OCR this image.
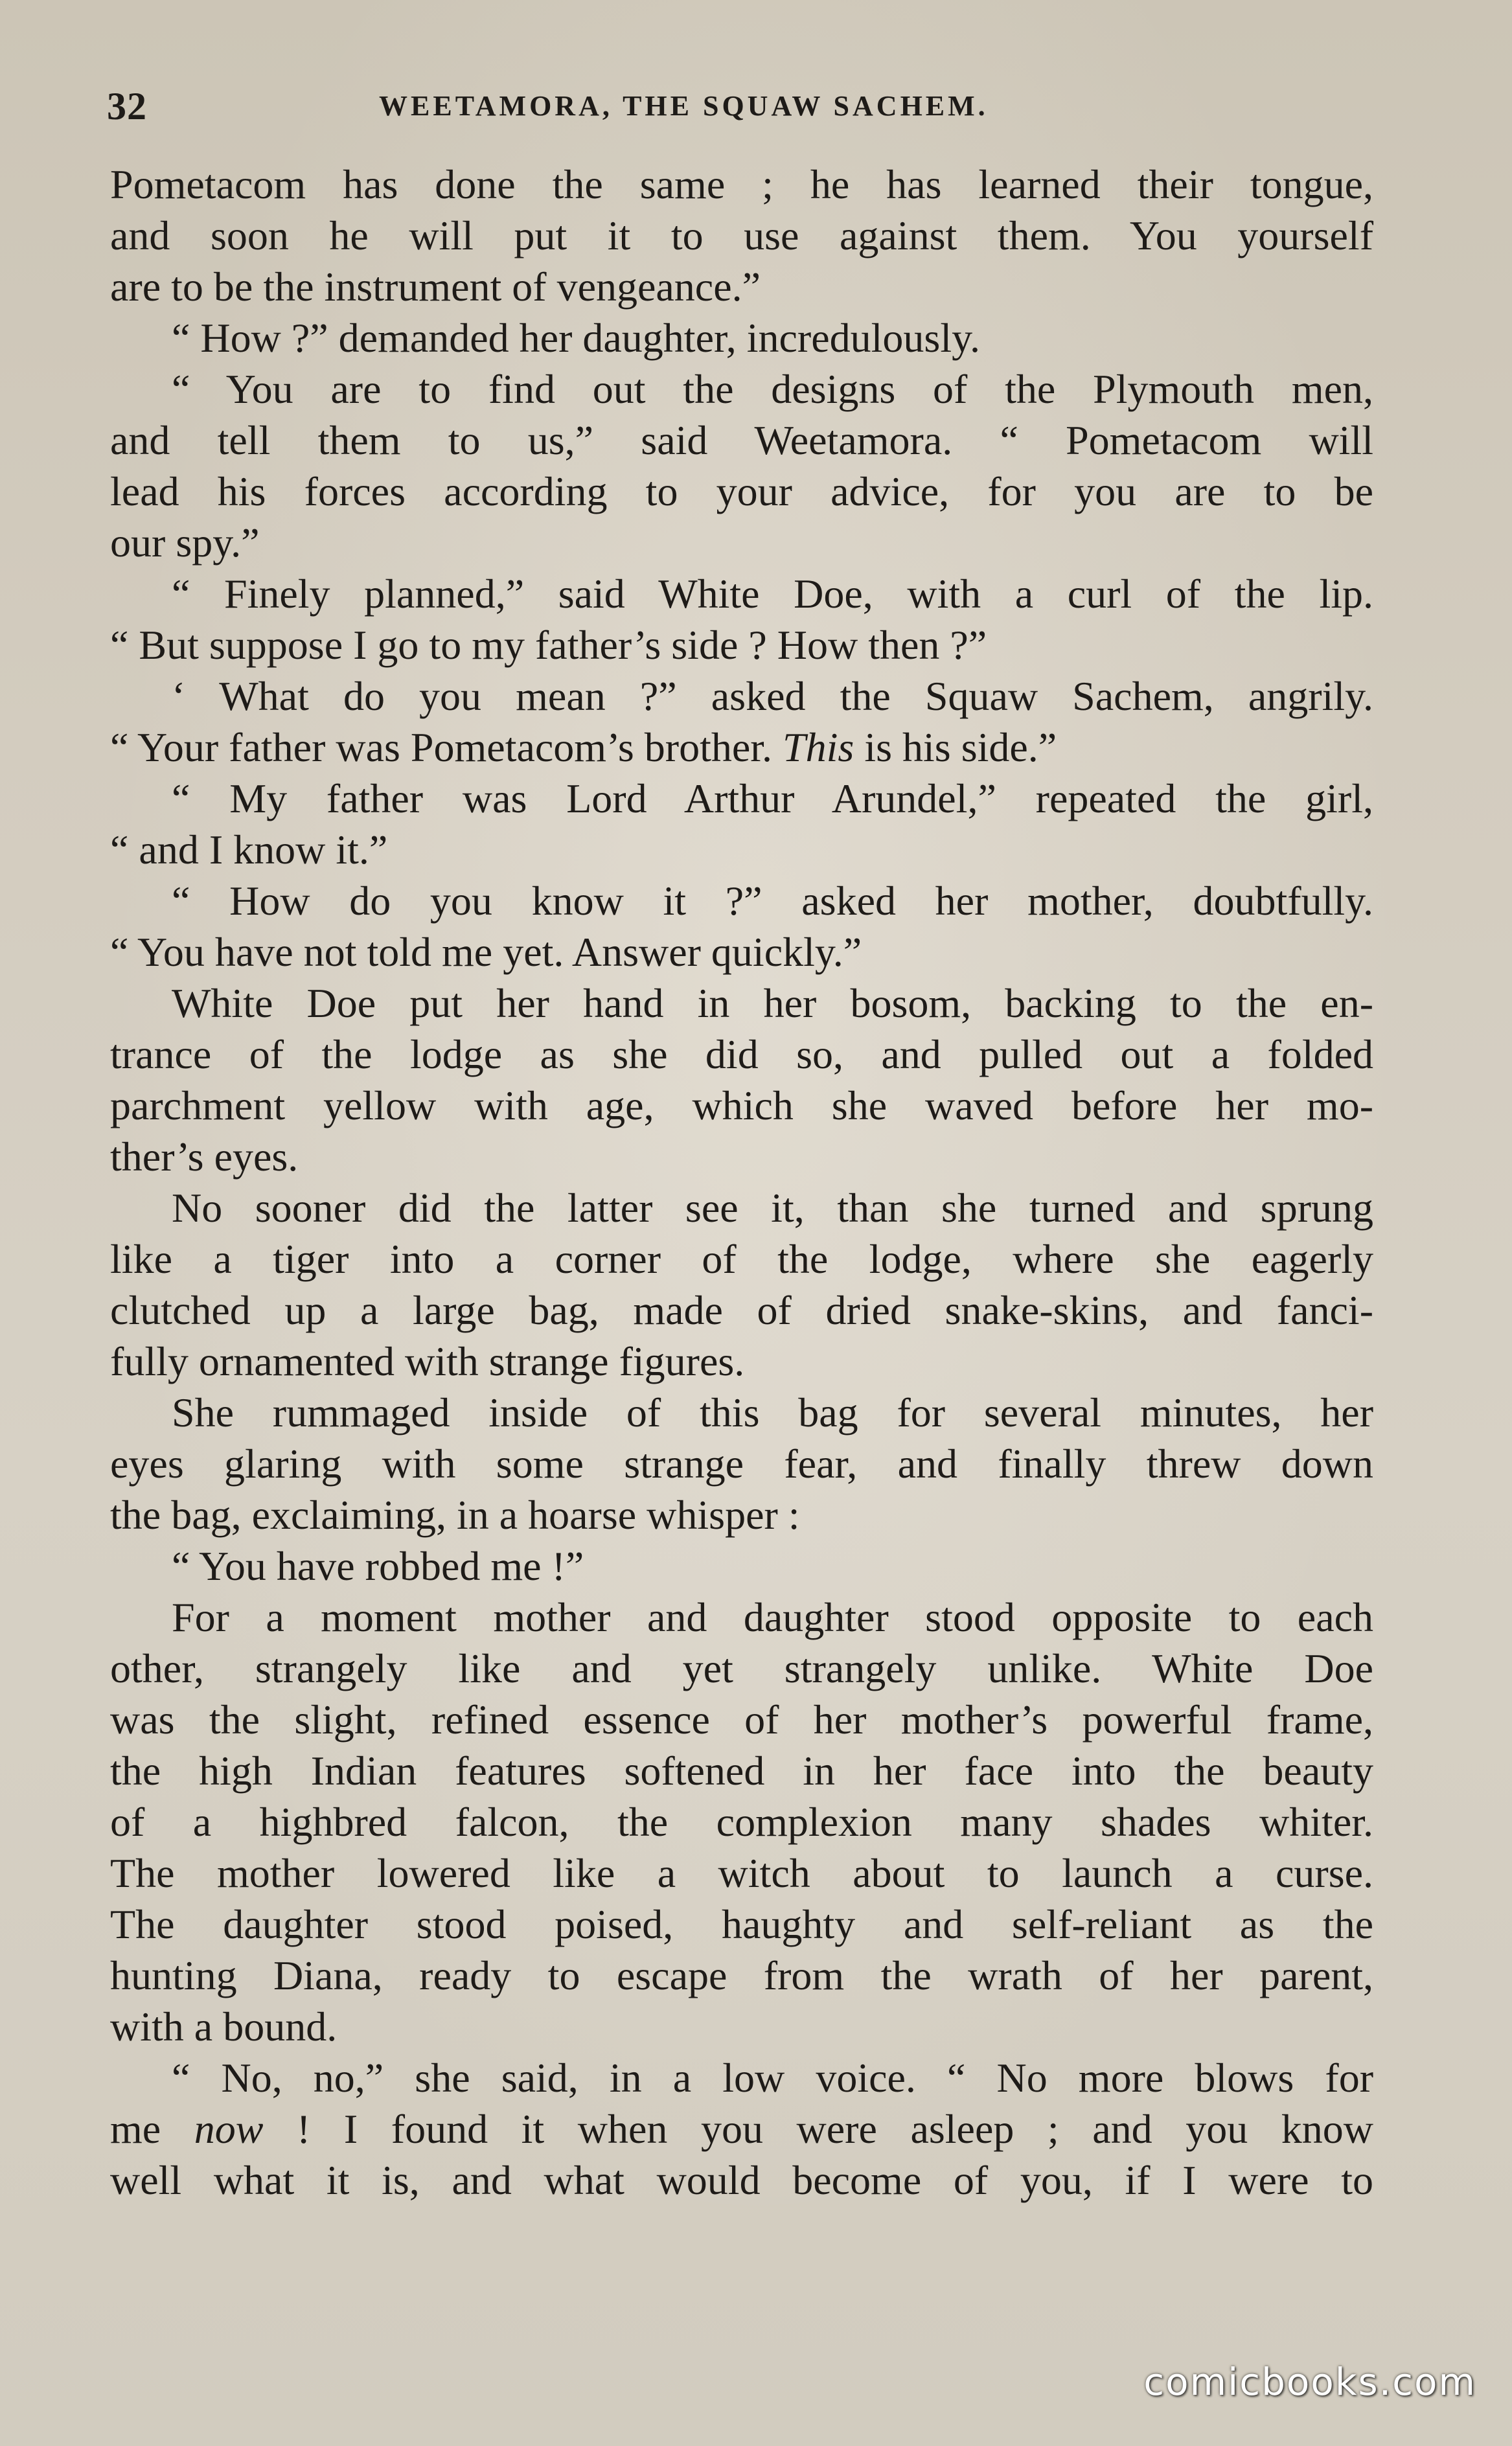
32	WEETAMORA, THE SQUAW SACHEM.
Pometacom has done the same ; he has learned their tongue,
and soon he will put it to use against them. You yourself
are to be the instrument of vengeance.”
“ How ?” demanded her daughter, incredulously.
“ You are to find out the designs of the Plymouth men,
and tell them to us,” said Weetamora. “ Pometacom will
lead his forces according to your advice, for you are to be
our spy.”
“ Finely planned,” said White Doe, with a curl of the lip.
“ But suppose I go to my father’s side ? How then ?”
‘ What do you mean ?” asked the Squaw Sachem, angrily.
“ Your father was Pometacom’s brother. This is his side.”
“ My father was Lord Arthur Arundel,” repeated the girl,
“ and I know it.”
“ How do you know it ?” asked her mother, doubtfully.
“ You have not told me yet. Answer quickly.”
White Doe put her hand in her bosom, backing to the en-
trance of the lodge as she did so, and pulled out a folded
parchment yellow with age, which she waved before her mo-
ther’s eyes.
No sooner did the latter see it, than she turned and sprung
like a tiger into a corner of the lodge, where she eagerly
clutched up a large bag, made of dried snake-skins, and fanci-
fully ornamented with strange figures.
She rummaged inside of this bag for several minutes, her
eyes glaring with some strange fear, and finally threw down
the bag, exclaiming, in a hoarse whisper :
“ You have robbed me !”
For a moment mother and daughter stood opposite to each
other, strangely like and yet strangely unlike. White Doe
was the slight, refined essence of her mother’s powerful frame,
the high Indian features softened in her face into the beauty
of a highbred falcon, the complexion many shades whiter.
The mother lowered like a witch about to launch a curse.
The daughter stood poised, haughty and self-reliant as the
hunting Diana, ready to escape from the wrath of her parent,
with a bound.
“ No, no,” she said, in a low voice. “ No more blows for
me now ! I found it when you were asleep ; and you know
well what it is, and what would become of you, if I were to
comicbooks.com
